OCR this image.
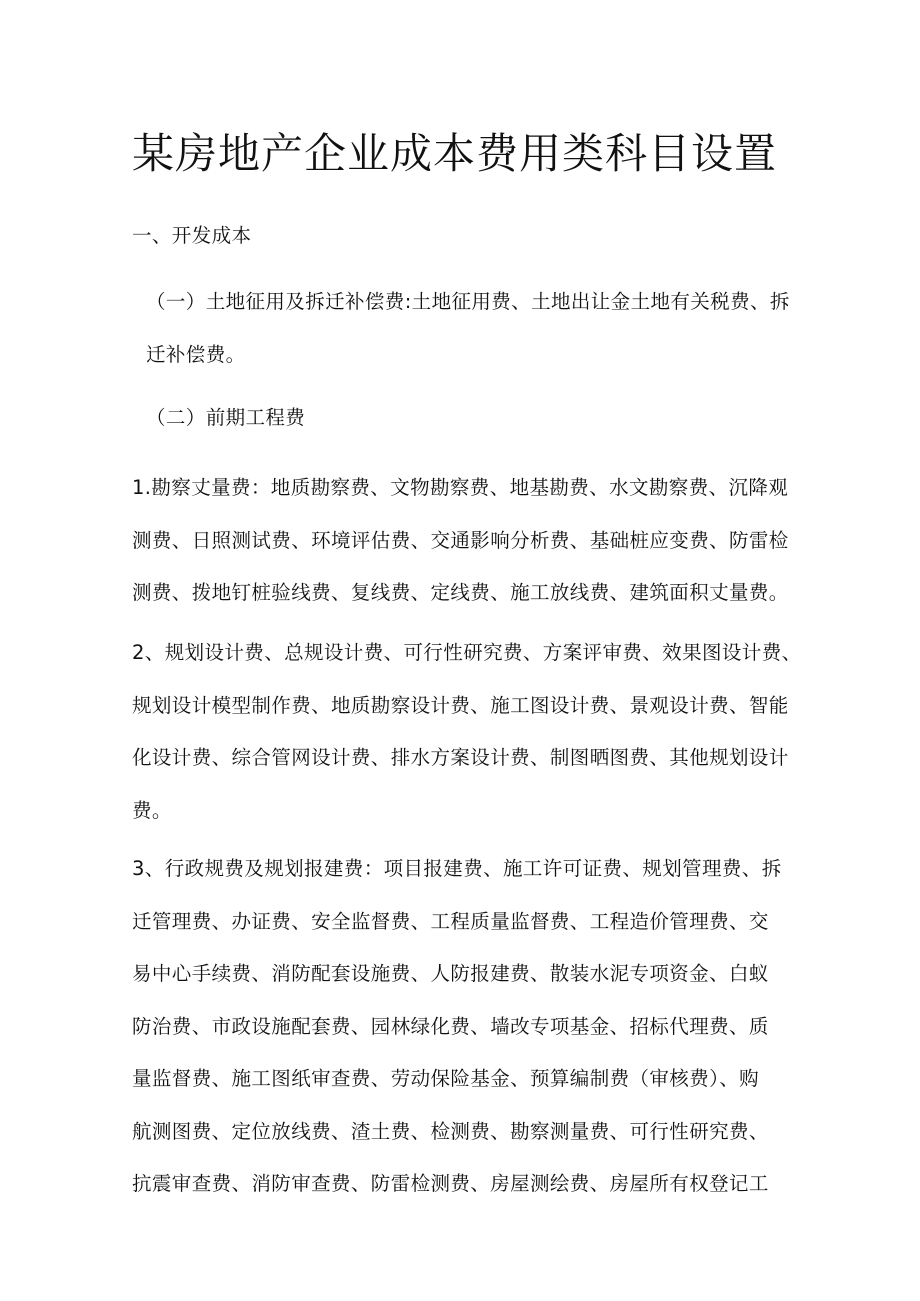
某房地产企业成本费用类科目设置

一、开发成本

（一）土地征用及拆迁补偿费:土地征用费、土地出让金土地有关税费、拆
迁补偿费。

（二）前期工程费

1.勘察丈量费：地质勘察费、文物勘察费、地基勘费、水文勘察费、沉降观
测费、日照测试费、环境评估费、交通影响分析费、基础桩应变费、防雷检
测费、拨地钉桩验线费、复线费、定线费、施工放线费、建筑面积丈量费。

2、规划设计费、总规设计费、可行性研究费、方案评审费、效果图设计费、
规划设计模型制作费、地质勘察设计费、施工图设计费、景观设计费、智能
化设计费、综合管网设计费、排水方案设计费、制图晒图费、其他规划设计
费。

3、行政规费及规划报建费：项目报建费、施工许可证费、规划管理费、拆
迁管理费、办证费、安全监督费、工程质量监督费、工程造价管理费、交
易中心手续费、消防配套设施费、人防报建费、散装水泥专项资金、白蚁
防治费、市政设施配套费、园林绿化费、墙改专项基金、招标代理费、质
量监督费、施工图纸审查费、劳动保险基金、预算编制费（审核费）、购
航测图费、定位放线费、渣土费、检测费、勘察测量费、可行性研究费、
抗震审查费、消防审查费、防雷检测费、房屋测绘费、房屋所有权登记工
